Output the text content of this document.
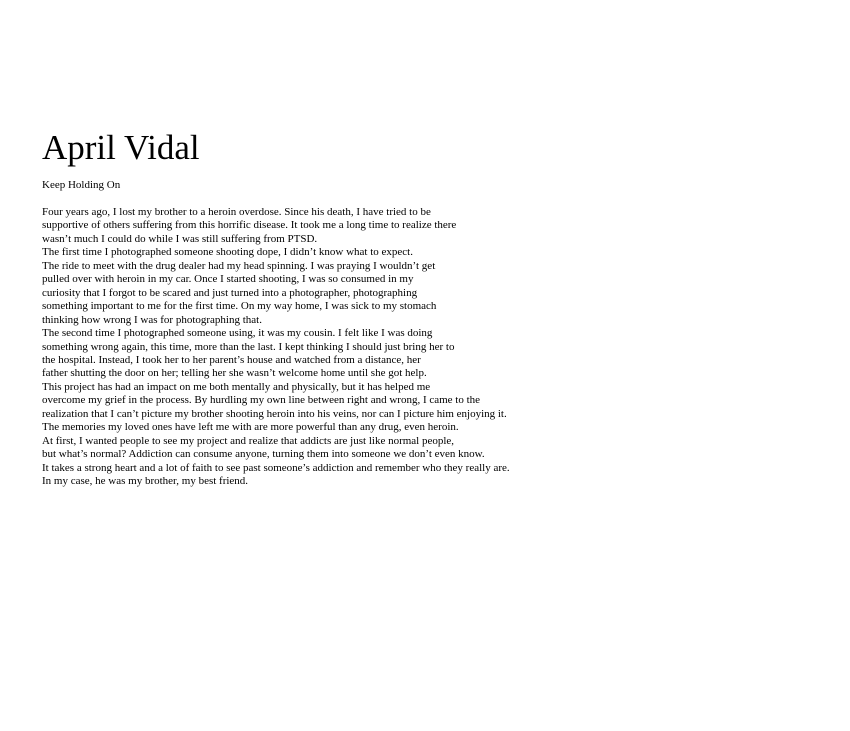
April Vidal
Keep Holding On
Four years ago, I lost my brother to a heroin overdose. Since his death, I have tried to be
supportive of others suffering from this horrific disease. It took me a long time to realize there
wasn’t much I could do while I was still suffering from PTSD.
The first time I photographed someone shooting dope, I didn’t know what to expect.
The ride to meet with the drug dealer had my head spinning. I was praying I wouldn’t get
pulled over with heroin in my car. Once I started shooting, I was so consumed in my
curiosity that I forgot to be scared and just turned into a photographer, photographing
something important to me for the first time. On my way home, I was sick to my stomach
thinking how wrong I was for photographing that.
The second time I photographed someone using, it was my cousin. I felt like I was doing
something wrong again, this time, more than the last. I kept thinking I should just bring her to
the hospital. Instead, I took her to her parent’s house and watched from a distance, her
father shutting the door on her; telling her she wasn’t welcome home until she got help.
This project has had an impact on me both mentally and physically, but it has helped me
overcome my grief in the process. By hurdling my own line between right and wrong, I came to the
realization that I can’t picture my brother shooting heroin into his veins, nor can I picture him enjoying it.
The memories my loved ones have left me with are more powerful than any drug, even heroin.
At first, I wanted people to see my project and realize that addicts are just like normal people,
but what’s normal? Addiction can consume anyone, turning them into someone we don’t even know.
It takes a strong heart and a lot of faith to see past someone’s addiction and remember who they really are.
In my case, he was my brother, my best friend.
